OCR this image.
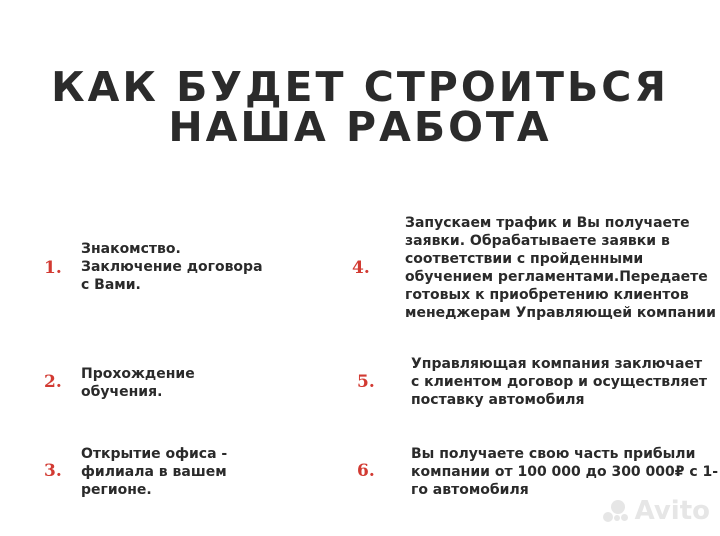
КАК БУДЕТ СТРОИТЬСЯ
НАША РАБОТА
1.
Знакомство.
Заключение договора
с Вами.
2. Прохождение
обучения.
3.
Открытие офиса -
филиала в вашем
регионе.
4.
Запускаем трафик и Вы получаете
заявки. Обрабатываете заявки в
соответствии с пройденными
обучением регламентами.Передаете
готовых к приобретению клиентов
менеджерам Управляющей компании
5.
Управляющая компания заключает
с клиентом договор и осуществляет
поставку автомобиля
6.
Вы получаете свою часть прибыли
компании от 100 000 до 300 000₽ с 1-
го автомобиля
Avito
